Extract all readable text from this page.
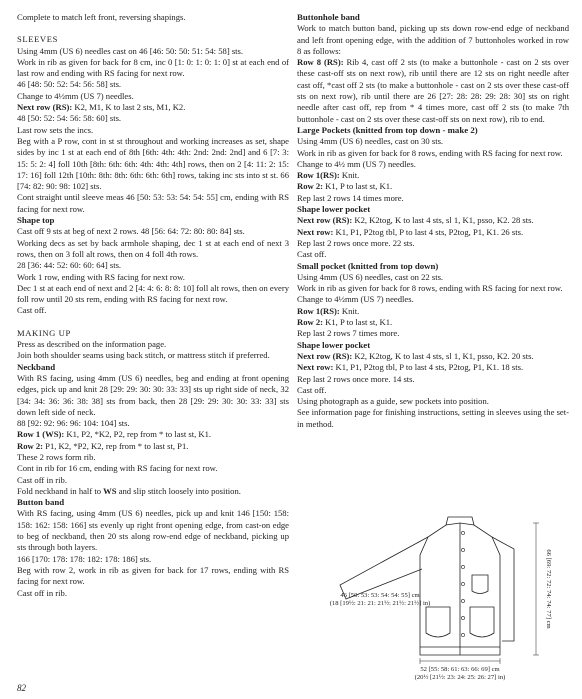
Complete to match left front, reversing shapings.

SLEEVES

Using 4mm (US 6) needles cast on 46 [46: 50: 50: 51: 54: 58] sts.

Work in rib as given for back for 8 cm, inc 0 [1: 0: 1: 0: 1: 0] st at each end of last row and ending with RS facing for next row.

46 [48: 50: 52: 54: 56: 58] sts.

Change to 4½mm (US 7) needles.

Next row (RS): K2, M1, K to last 2 sts, M1, K2.

48 [50: 52: 54: 56: 58: 60] sts.

Last row sets the incs.

Beg with a P row, cont in st st throughout and working increases as set, shape sides by inc 1 st at each end of 8th [6th: 4th: 4th: 2nd: 2nd: 2nd] and 6 [7: 3: 15: 5: 2: 4] foll 10th [8th: 6th: 6th: 4th: 4th: 4th] rows, then on 2 [4: 11: 2: 15: 17: 16] foll 12th [10th: 8th: 8th: 6th: 6th: 6th] rows, taking inc sts into st st. 66 [74: 82: 90: 98: 102] sts.

Cont straight until sleeve meas 46 [50: 53: 53: 54: 54: 55] cm, ending with RS facing for next row.

Shape top

Cast off 9 sts at beg of next 2 rows. 48 [56: 64: 72: 80: 80: 84] sts.

Working decs as set by back armhole shaping, dec 1 st at each end of next 3 rows, then on 3 foll alt rows, then on 4 foll 4th rows.

28 [36: 44: 52: 60: 60: 64] sts.

Work 1 row, ending with RS facing for next row.

Dec 1 st at each end of next and 2 [4: 4: 6: 8: 8: 10] foll alt rows, then on every foll row until 20 sts rem, ending with RS facing for next row.

Cast off.

MAKING UP

Press as described on the information page.

Join both shoulder seams using back stitch, or mattress stitch if preferred.

Neckband

With RS facing, using 4mm (US 6) needles, beg and ending at front opening edges, pick up and knit 28 [29: 29: 30: 30: 33: 33] sts up right side of neck, 32 [34: 34: 36: 36: 38: 38] sts from back, then 28 [29: 29: 30: 30: 33: 33] sts down left side of neck.

88 [92: 92: 96: 96: 104: 104] sts.

Row 1 (WS): K1, P2, *K2, P2, rep from * to last st, K1.

Row 2: P1, K2, *P2, K2, rep from * to last st, P1.

These 2 rows form rib.

Cont in rib for 16 cm, ending with RS facing for next row.

Cast off in rib.

Fold neckband in half to WS and slip stitch loosely into position.

Button band

With RS facing, using 4mm (US 6) needles, pick up and knit 146 [150: 158: 158: 162: 158: 166] sts evenly up right front opening edge, from cast-on edge to beg of neckband, then 20 sts along row-end edge of neckband, picking up sts through both layers.

166 [170: 178: 178: 182: 178: 186] sts.

Beg with row 2, work in rib as given for back for 17 rows, ending with RS facing for next row.

Cast off in rib.

Buttonhole band

Work to match button band, picking up sts down row-end edge of neckband and left front opening edge, with the addition of 7 buttonholes worked in row 8 as follows:

Row 8 (RS): Rib 4, cast off 2 sts (to make a buttonhole - cast on 2 sts over these cast-off sts on next row), rib until there are 12 sts on right needle after cast off, *cast off 2 sts (to make a buttonhole - cast on 2 sts over these cast-off sts on next row), rib until there are 26 [27: 28: 28: 29: 28: 30] sts on right needle after cast off, rep from * 4 times more, cast off 2 sts (to make 7th buttonhole - cast on 2 sts over these cast-off sts on next row), rib to end.

Large Pockets (knitted from top down - make 2)

Using 4mm (US 6) needles, cast on 30 sts.

Work in rib as given for back for 8 rows, ending with RS facing for next row.

Change to 4½ mm (US 7) needles.

Row 1(RS): Knit.

Row 2: K1, P to last st, K1.

Rep last 2 rows 14 times more.

Shape lower pocket

Next row (RS): K2, K2tog, K to last 4 sts, sl 1, K1, psso, K2. 28 sts.

Next row: K1, P1, P2tog tbl, P to last 4 sts, P2tog, P1, K1. 26 sts.

Rep last 2 rows once more. 22 sts.

Cast off.

Small pocket (knitted from top down)

Using 4mm (US 6) needles, cast on 22 sts.

Work in rib as given for back for 8 rows, ending with RS facing for next row.

Change to 4½mm (US 7) needles.

Row 1(RS): Knit.

Row 2: K1, P to last st, K1.

Rep last 2 rows 7 times more.

Shape lower pocket

Next row (RS): K2, K2tog, K to last 4 sts, sl 1, K1, psso, K2. 20 sts.

Next row: K1, P1, P2tog tbl, P to last 4 sts, P2tog, P1, K1. 18 sts.

Rep last 2 rows once more. 14 sts.

Cast off.

Using photograph as a guide, sew pockets into position.

See information page for finishing instructions, setting in sleeves using the set-in method.

46 [50: 53: 53: 54: 54: 55] cm
(18 [19½: 21: 21: 21½: 21½: 21½] in)
52 [55: 58: 61: 63: 66: 69] cm
(20½ [21½: 23: 24: 25: 26: 27] in)
66 [69: 72: 72: 74: 74: 77] cm
82
